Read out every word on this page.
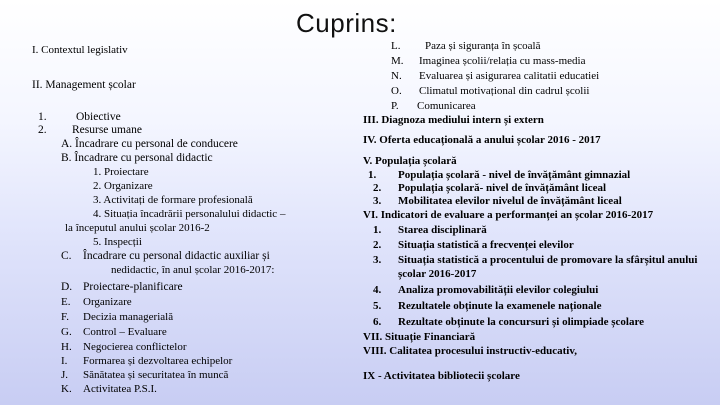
Cuprins:
I. Contextul legislativ
II. Management școlar
1.	Obiective
2. Resurse umane
A. Încadrare cu personal de conducere
B. Încadrare cu personal didactic
1. Proiectare
2. Organizare
3. Activitați de formare profesională
4. Situația încadrării personalului didactic –
la începutul anului școlar 2016-2
5. Inspecții
C. Încadrare cu personal didactic auxiliar și
nedidactic, în anul școlar 2016-2017:
D. Proiectare-planificare
E. Organizare
F. Decizia managerială
G. Control – Evaluare
H. Negocierea conflictelor
I. Formarea și dezvoltarea echipelor
J. Sănătatea și securitatea în muncă
K. Activitatea P.S.I.
L. Paza și siguranța în școală
M. Imaginea școlii/relația cu mass-media
N. Evaluarea și asigurarea calitatii educatiei
O. Climatul motivațional din cadrul școlii
P. Comunicarea
III. Diagnoza mediului intern și extern
IV. Oferta educațională a anului școlar 2016 - 2017
V. Populația școlară
1. Populația școlară - nivel de învățământ gimnazial
2. Populația școlară- nivel de învățământ liceal
3. Mobilitatea elevilor nivelul de învățământ liceal
VI. Indicatori de evaluare a performanței an școlar 2016-2017
1. Starea disciplinară
2. Situația statistică a frecvenței elevilor
3. Situația statistică a procentului de promovare la sfârșitul anului
școlar 2016-2017
4. Analiza promovabilității elevilor colegiului
5. Rezultatele obținute la examenele naționale
6. Rezultate obținute la concursuri și olimpiade școlare
VII. Situație Financiară
VIII. Calitatea procesului instructiv-educativ,
IX - Activitatea bibliotecii școlare
